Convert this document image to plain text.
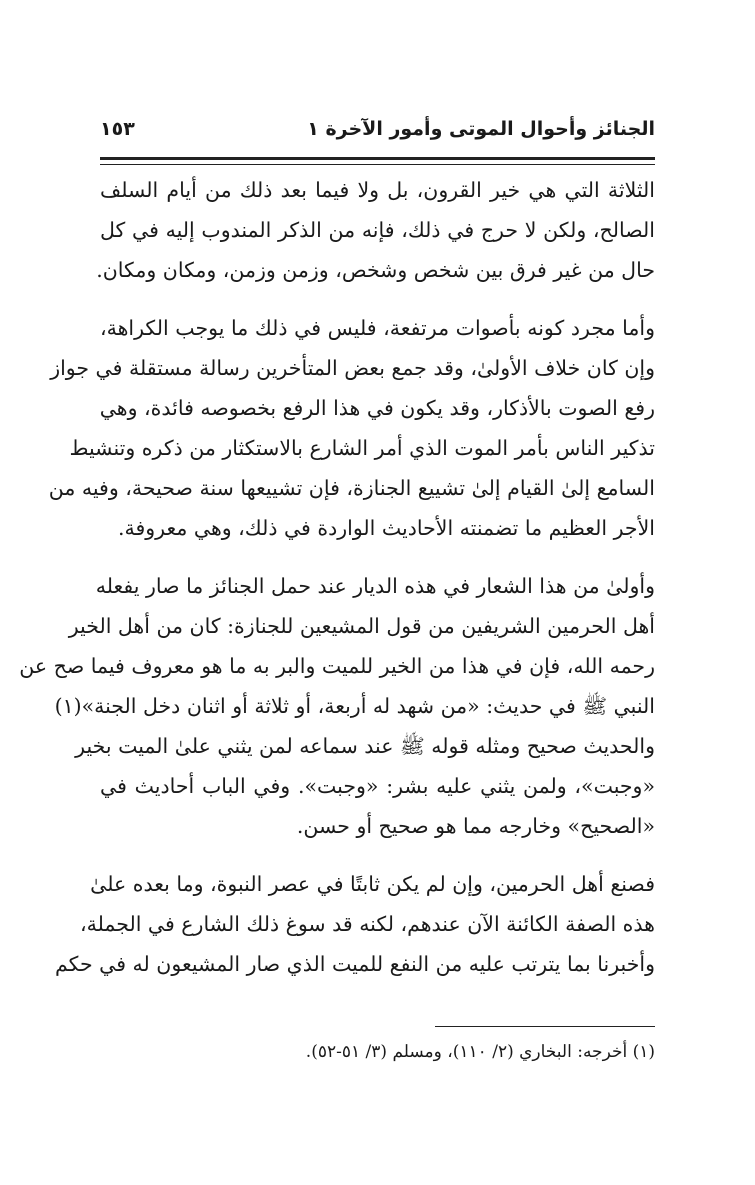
الجنائز وأحوال الموتى وأمور الآخرة ١
١٥٣

الثلاثة التي هي خير القرون، بل ولا فيما بعد ذلك من أيام السلف
الصالح، ولكن لا حرج في ذلك، فإنه من الذكر المندوب إليه في كل
حال من غير فرق بين شخص وشخص، وزمن وزمن، ومكان ومكان.

وأما مجرد كونه بأصوات مرتفعة، فليس في ذلك ما يوجب الكراهة،
وإن كان خلاف الأولىٰ، وقد جمع بعض المتأخرين رسالة مستقلة في جواز
رفع الصوت بالأذكار، وقد يكون في هذا الرفع بخصوصه فائدة، وهي
تذكير الناس بأمر الموت الذي أمر الشارع بالاستكثار من ذكره وتنشيط
السامع إلىٰ القيام إلىٰ تشييع الجنازة، فإن تشييعها سنة صحيحة، وفيه من
الأجر العظيم ما تضمنته الأحاديث الواردة في ذلك، وهي معروفة.

وأولىٰ من هذا الشعار في هذه الديار عند حمل الجنائز ما صار يفعله
أهل الحرمين الشريفين من قول المشيعين للجنازة: كان من أهل الخير
رحمه الله، فإن في هذا من الخير للميت والبر به ما هو معروف فيما صح عن
النبي ﷺ في حديث: «من شهد له أربعة، أو ثلاثة أو اثنان دخل الجنة»(١)
والحديث صحيح ومثله قوله ﷺ عند سماعه لمن يثني علىٰ الميت بخير
«وجبت»، ولمن يثني عليه بشر: «وجبت». وفي الباب أحاديث في
«الصحيح» وخارجه مما هو صحيح أو حسن.

فصنع أهل الحرمين، وإن لم يكن ثابتًا في عصر النبوة، وما بعده علىٰ
هذه الصفة الكائنة الآن عندهم، لكنه قد سوغ ذلك الشارع في الجملة،
وأخبرنا بما يترتب عليه من النفع للميت الذي صار المشيعون له في حكم

(١) أخرجه: البخاري (٢/ ١١٠)، ومسلم (٣/ ٥١-٥٢).
